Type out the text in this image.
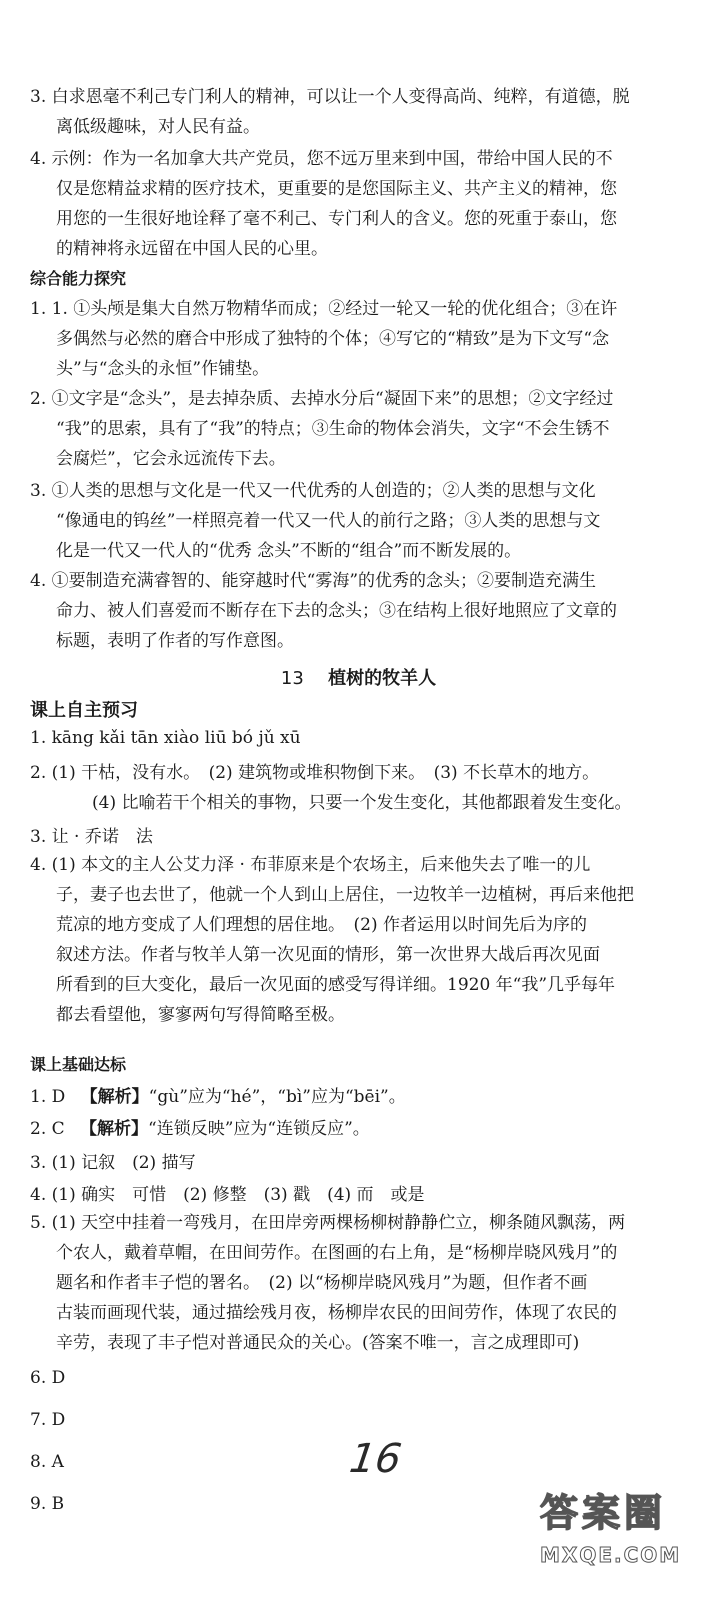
3. 白求恩毫不利己专门利人的精神，可以让一个人变得高尚、纯粹，有道德，脱
离低级趣味，对人民有益。
4. 示例：作为一名加拿大共产党员，您不远万里来到中国，带给中国人民的不
仅是您精益求精的医疗技术，更重要的是您国际主义、共产主义的精神，您
用您的一生很好地诠释了毫不利己、专门利人的含义。您的死重于泰山，您
的精神将永远留在中国人民的心里。
综合能力探究
1. 1. ①头颅是集大自然万物精华而成；②经过一轮又一轮的优化组合；③在许
多偶然与必然的磨合中形成了独特的个体；④写它的“精致”是为下文写“念
头”与“念头的永恒”作铺垫。
2. ①文字是“念头”，是去掉杂质、去掉水分后“凝固下来”的思想；②文字经过
“我”的思索，具有了“我”的特点；③生命的物体会消失，文字“不会生锈不
会腐烂”，它会永远流传下去。
3. ①人类的思想与文化是一代又一代优秀的人创造的；②人类的思想与文化
“像通电的钨丝”一样照亮着一代又一代人的前行之路；③人类的思想与文
化是一代又一代人的“优秀 念头”不断的“组合”而不断发展的。
4. ①要制造充满睿智的、能穿越时代“雾海”的优秀的念头；②要制造充满生
命力、被人们喜爱而不断存在下去的念头；③在结构上很好地照应了文章的
标题，表明了作者的写作意图。
13 植树的牧羊人
课上自主预习
1. kāng kǎi tān xiào liū bó jǔ xū
2. (1) 干枯，没有水。　(2) 建筑物或堆积物倒下来。　(3) 不长草木的地方。
(4) 比喻若干个相关的事物，只要一个发生变化，其他都跟着发生变化。
3. 让 · 乔诺　法
4. (1) 本文的主人公艾力泽 · 布菲原来是个农场主，后来他失去了唯一的儿
子，妻子也去世了，他就一个人到山上居住，一边牧羊一边植树，再后来他把
荒凉的地方变成了人们理想的居住地。　(2) 作者运用以时间先后为序的
叙述方法。作者与牧羊人第一次见面的情形，第一次世界大战后再次见面
所看到的巨大变化，最后一次见面的感受写得详细。1920 年“我”几乎每年
都去看望他，寥寥两句写得简略至极。
课上基础达标
1. D 【解析】“gù”应为“hé”，“bì”应为“bēi”。
2. C 【解析】“连锁反映”应为“连锁反应”。
3. (1) 记叙　(2) 描写
4. (1) 确实　可惜　(2) 修整　(3) 戳　(4) 而　或是
5. (1) 天空中挂着一弯残月，在田岸旁两棵杨柳树静静伫立，柳条随风飘荡，两
个农人，戴着草帽，在田间劳作。在图画的右上角，是“杨柳岸晓风残月”的
题名和作者丰子恺的署名。　(2) 以“杨柳岸晓风残月”为题，但作者不画
古装而画现代装，通过描绘残月夜，杨柳岸农民的田间劳作，体现了农民的
辛劳，表现了丰子恺对普通民众的关心。(答案不唯一，言之成理即可)
6. D
7. D
8. A
9. B
16
答案圈
MXQE.COM
